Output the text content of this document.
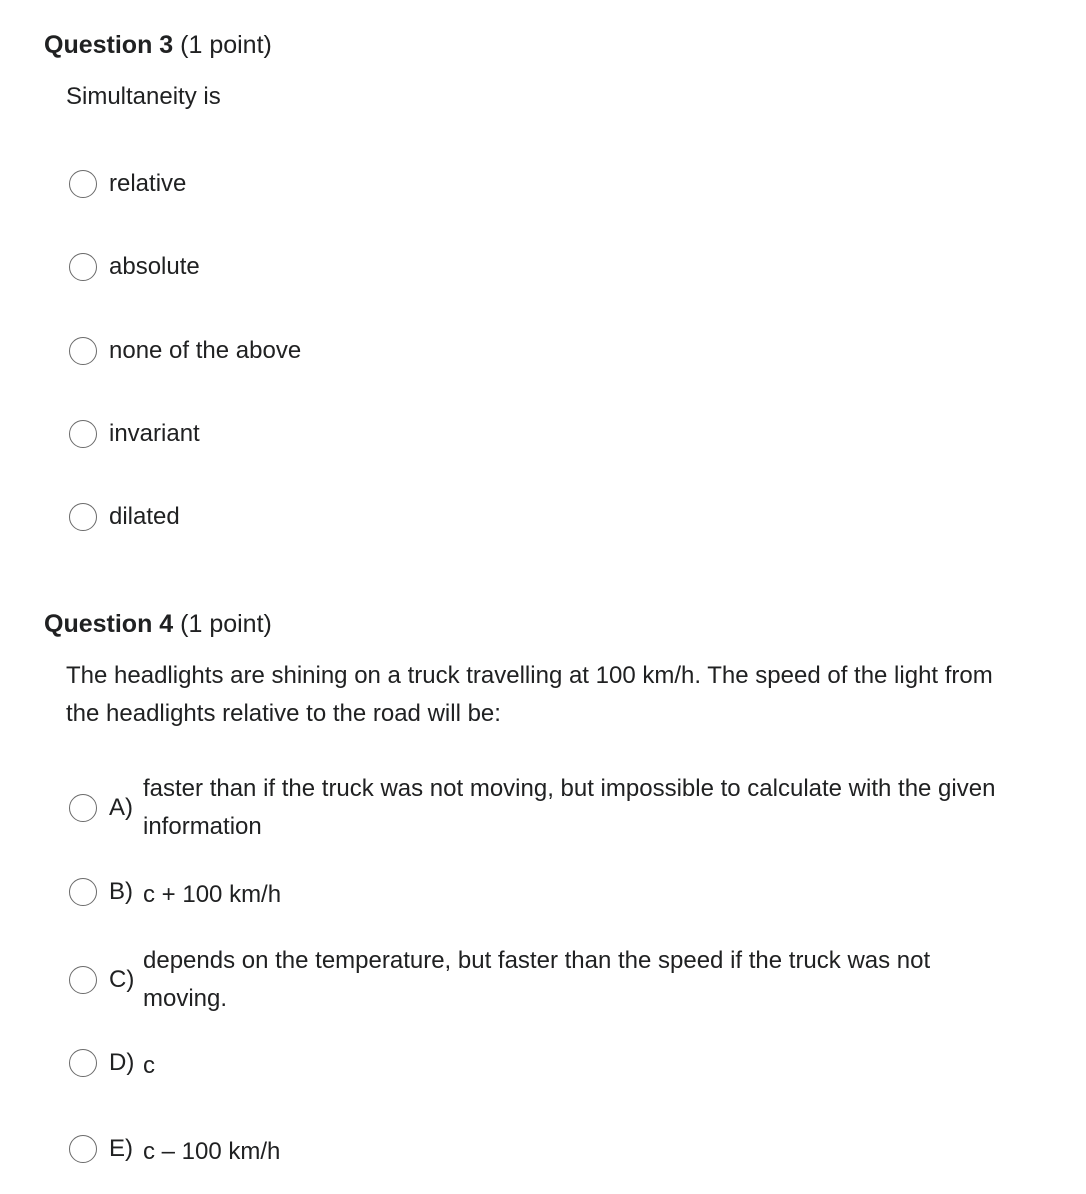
Question 3 (1 point)

Simultaneity is

relative
absolute
none of the above
invariant
dilated
Question 4 (1 point)

The headlights are shining on a truck travelling at 100 km/h. The speed of the light from the headlights relative to the road will be:

A)
faster than if the truck was not moving, but impossible to calculate with the given information
B) c + 100 km/h
C)
depends on the temperature, but faster than the speed if the truck was not moving.
D) c
E) c – 100 km/h
